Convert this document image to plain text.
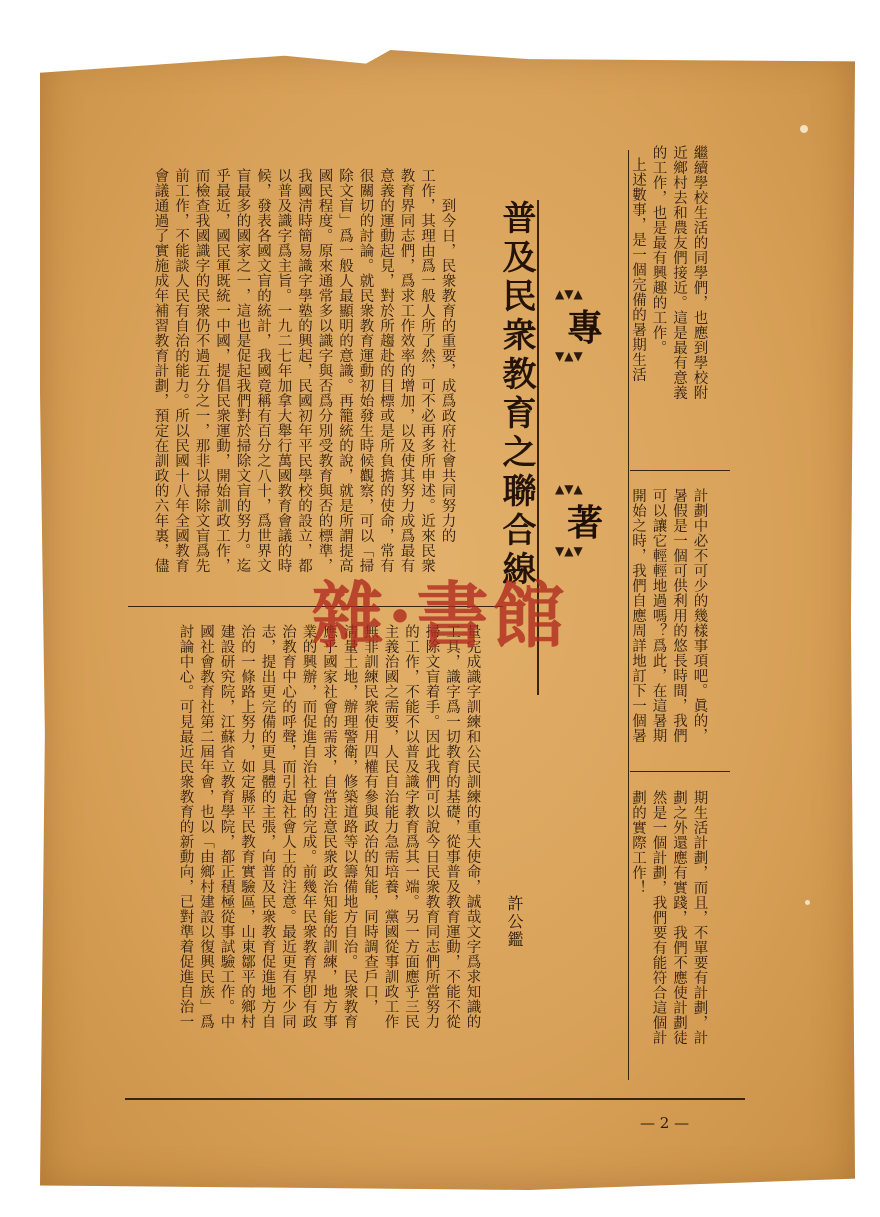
繼續學校生活的同學們，也應到學校附
近鄉村去和農友們接近。這是最有意義
的工作，也是最有興趣的工作。
上述數事，是一個完備的暑期生活

計劃中必不可少的幾樣事項吧。眞的，
暑假是一個可供利用的悠長時間，我們
可以讓它輕輕地過嗎？爲此，在這暑期
開始之時，我們自應周詳地訂下一個暑

期生活計劃，而且，不單要有計劃，計
劃之外還應有實踐，我們不應使計劃徒
然是一個計劃，我們要有能符合這個計
劃的實際工作！

▲▼▲
▼▲▼
專
▲▼▲
▼▲▼
著
普及民衆教育之聯合線

到今日，民衆教育的重要，成爲政府社會共同努力的
工作，其理由爲一般人所了然，可不必再多所申述。近來民衆
教育界同志們，爲求工作效率的增加，以及使其努力成爲最有
意義的運動起見，對於所趨赴的目標或是所負擔的使命，常有
很關切的討論。就民衆教育運動初始發生時候觀察，可以「掃
除文盲」爲一般人最顯明的意識。再籠統的說，就是所謂提高
國民程度。原來通常多以識字與否爲分別受教育與否的標準，
我國淸時簡易識字學塾的興起，民國初年平民學校的設立，都
以普及識字爲主旨。一九二七年加拿大舉行萬國教育會議的時
候，發表各國文盲的統計，我國竟稱有百分之八十，爲世界文
盲最多的國家之一，這也是促起我們對於掃除文盲的努力。迄
乎最近，國民軍既統一中國，提倡民衆運動，開始訓政工作，
而檢查我國識字的民衆仍不過五分之一，那非以掃除文盲爲先
前工作，不能談人民有自治的能力。所以民國十八年全國教育
會議通過了實施成年補習教育計劃，預定在訓政的六年裏，儘

量完成識字訓練和公民訓練的重大使命，誠哉文字爲求知識的
工具，識字爲一切教育的基礎，從事普及教育運動，不能不從
掃除文盲着手。因此我們可以說今日民衆教育同志們所當努力
的工作，不能不以普及識字教育爲其一端。另一方面應乎三民
主義治國之需要，人民自治能力急需培養，黨國從事訓政工作
無非訓練民衆使用四權有參與政治的知能，同時調查戶口，
淸量土地，辦理警衛，修築道路等以籌備地方自治。民衆教育
應乎國家社會的需求，自當注意民衆政治知能的訓練，地方事
業的興辦，而促進自治社會的完成。前幾年民衆教育界卽有政
治教育中心的呼聲，而引起社會人士的注意。最近更有不少同
志，提出更完備的更具體的主張，向普及民衆教育促進地方自
治的一條路上努力，如定縣平民教育實驗區，山東鄒平的鄉村
建設研究院，江蘇省立教育學院，都正積極從事試驗工作。中
國社會教育社第二屆年會，也以「由鄉村建設以復興民族」爲
討論中心。可見最近民衆教育的新動向，已對準着促進自治一	許公鑑
— 2 —
雜·書館
